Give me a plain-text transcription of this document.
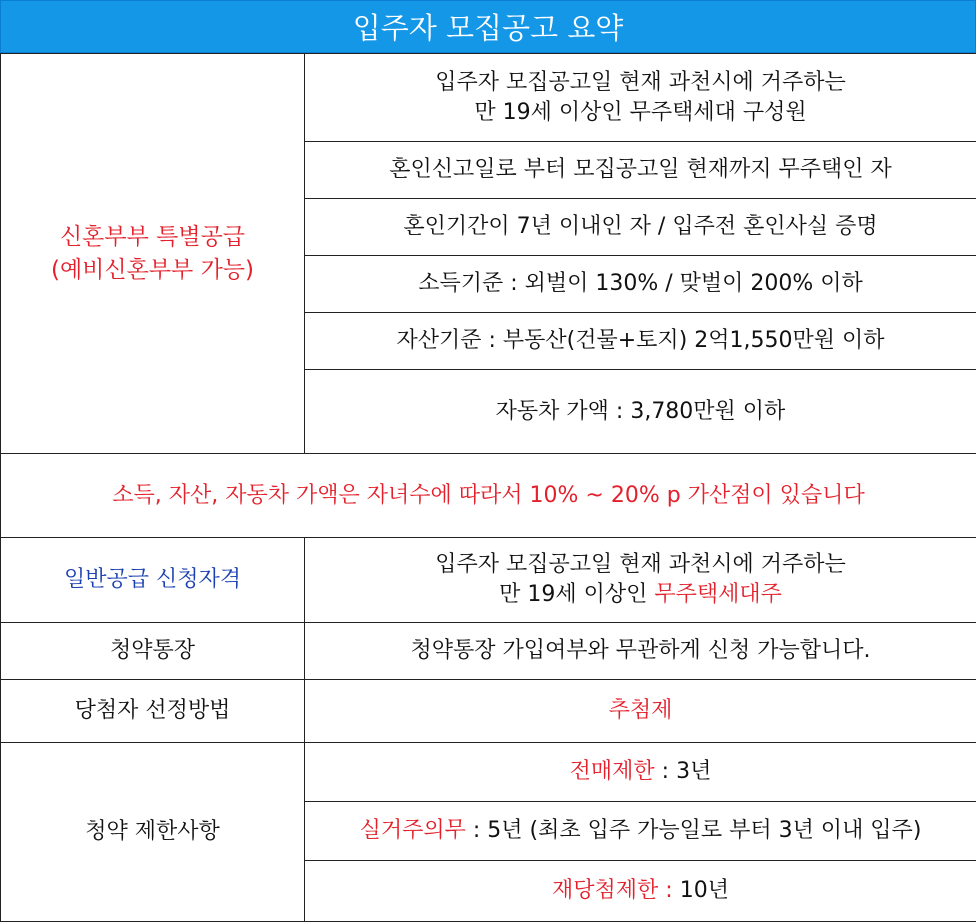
입주자 모집공고 요약
신혼부부 특별공급
(예비신혼부부 가능)	입주자 모집공고일 현재 과천시에 거주하는
만 19세 이상인 무주택세대 구성원

	혼인신고일로 부터 모집공고일 현재까지 무주택인 자
	혼인기간이 7년 이내인 자 / 입주전 혼인사실 증명
	소득기준 : 외벌이 130% / 맞벌이 200% 이하
	자산기준 : 부동산(건물+토지) 2억1,550만원 이하
	자동차 가액 : 3,780만원 이하
소득, 자산, 자동차 가액은 자녀수에 따라서 10% ~ 20% p 가산점이 있습니다	
일반공급 신청자격	입주자 모집공고일 현재 과천시에 거주하는
만 19세 이상인 무주택세대주

청약통장	청약통장 가입여부와 무관하게 신청 가능합니다.
당첨자 선정방법	추첨제
청약 제한사항	전매제한 : 3년
	실거주의무 : 5년 (최초 입주 가능일로 부터 3년 이내 입주)
	재당첨제한 : 10년
